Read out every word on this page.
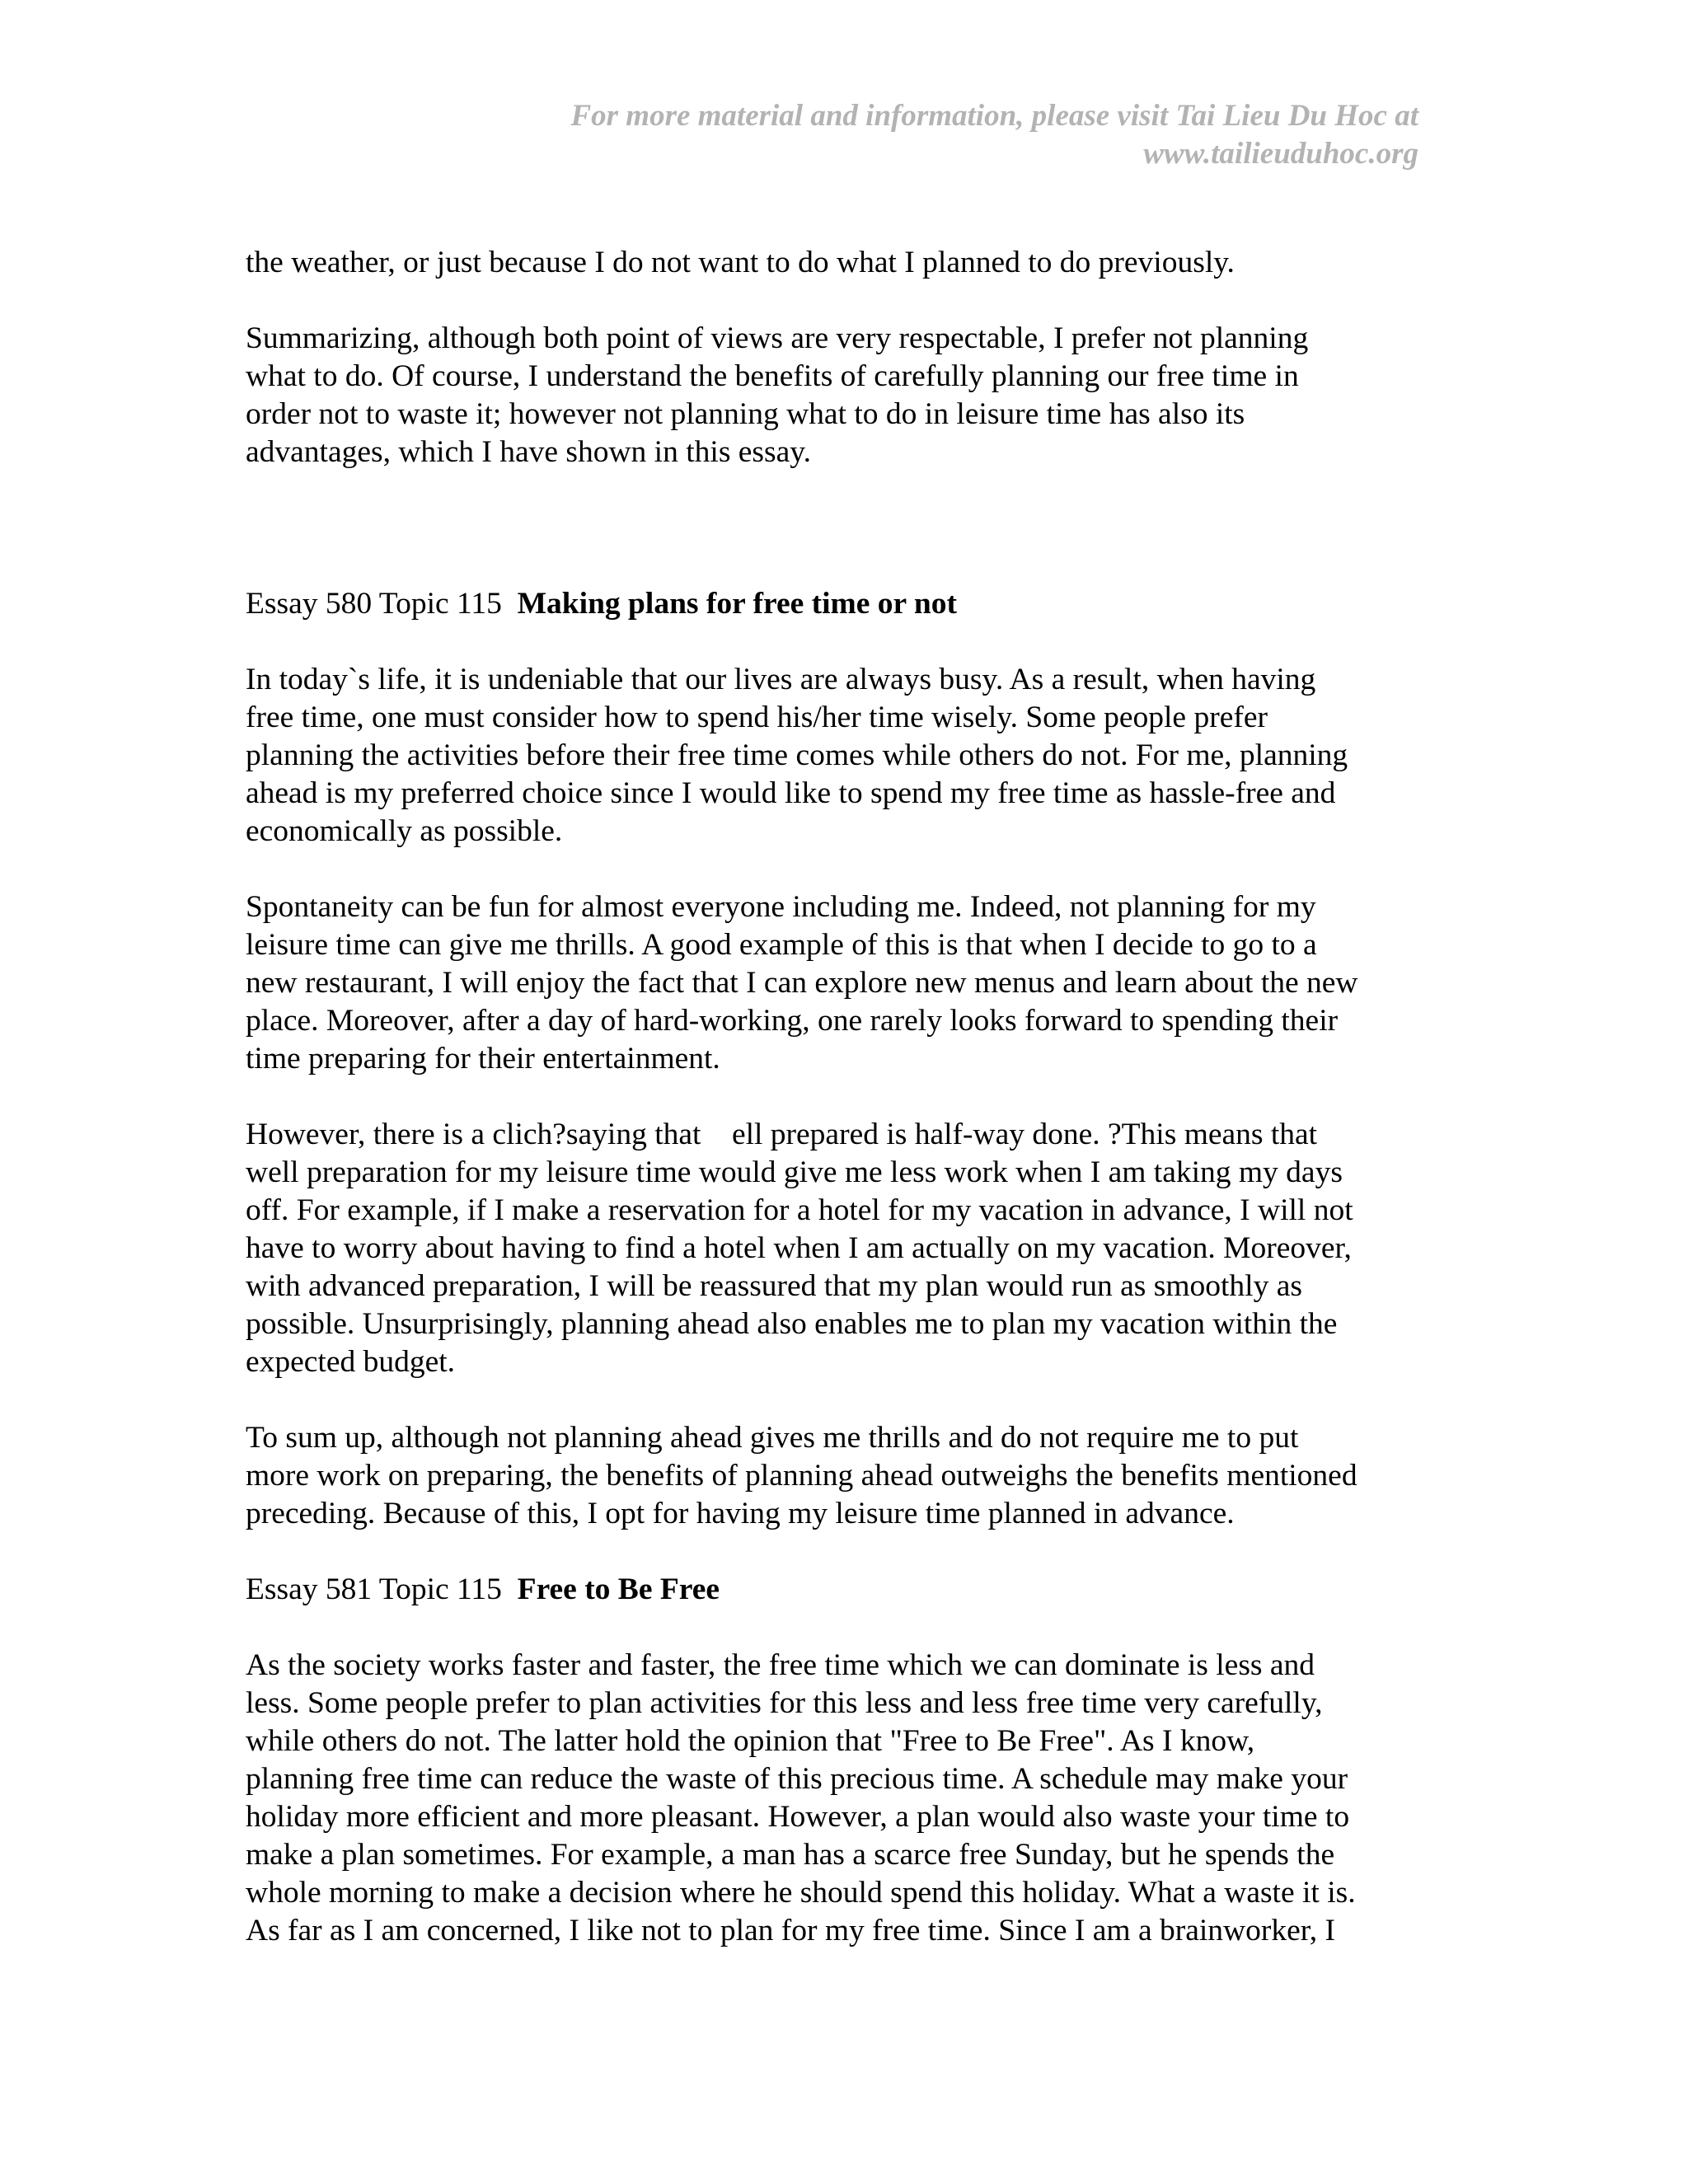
For more material and information, please visit Tai Lieu Du Hoc at
www.tailieuduhoc.org
the weather, or just because I do not want to do what I planned to do previously.
Summarizing, although both point of views are very respectable, I prefer not planning
what to do. Of course, I understand the benefits of carefully planning our free time in
order not to waste it; however not planning what to do in leisure time has also its
advantages, which I have shown in this essay.
Essay 580 Topic 115 Making plans for free time or not
In today`s life, it is undeniable that our lives are always busy. As a result, when having
free time, one must consider how to spend his/her time wisely. Some people prefer
planning the activities before their free time comes while others do not. For me, planning
ahead is my preferred choice since I would like to spend my free time as hassle-free and
economically as possible.
Spontaneity can be fun for almost everyone including me. Indeed, not planning for my
leisure time can give me thrills. A good example of this is that when I decide to go to a
new restaurant, I will enjoy the fact that I can explore new menus and learn about the new
place. Moreover, after a day of hard-working, one rarely looks forward to spending their
time preparing for their entertainment.
However, there is a clich?saying that    ell prepared is half-way done. ?This means that
well preparation for my leisure time would give me less work when I am taking my days
off. For example, if I make a reservation for a hotel for my vacation in advance, I will not
have to worry about having to find a hotel when I am actually on my vacation. Moreover,
with advanced preparation, I will be reassured that my plan would run as smoothly as
possible. Unsurprisingly, planning ahead also enables me to plan my vacation within the
expected budget.
To sum up, although not planning ahead gives me thrills and do not require me to put
more work on preparing, the benefits of planning ahead outweighs the benefits mentioned
preceding. Because of this, I opt for having my leisure time planned in advance.
Essay 581 Topic 115 Free to Be Free
As the society works faster and faster, the free time which we can dominate is less and
less. Some people prefer to plan activities for this less and less free time very carefully,
while others do not. The latter hold the opinion that "Free to Be Free". As I know,
planning free time can reduce the waste of this precious time. A schedule may make your
holiday more efficient and more pleasant. However, a plan would also waste your time to
make a plan sometimes. For example, a man has a scarce free Sunday, but he spends the
whole morning to make a decision where he should spend this holiday. What a waste it is.
As far as I am concerned, I like not to plan for my free time. Since I am a brainworker, I
